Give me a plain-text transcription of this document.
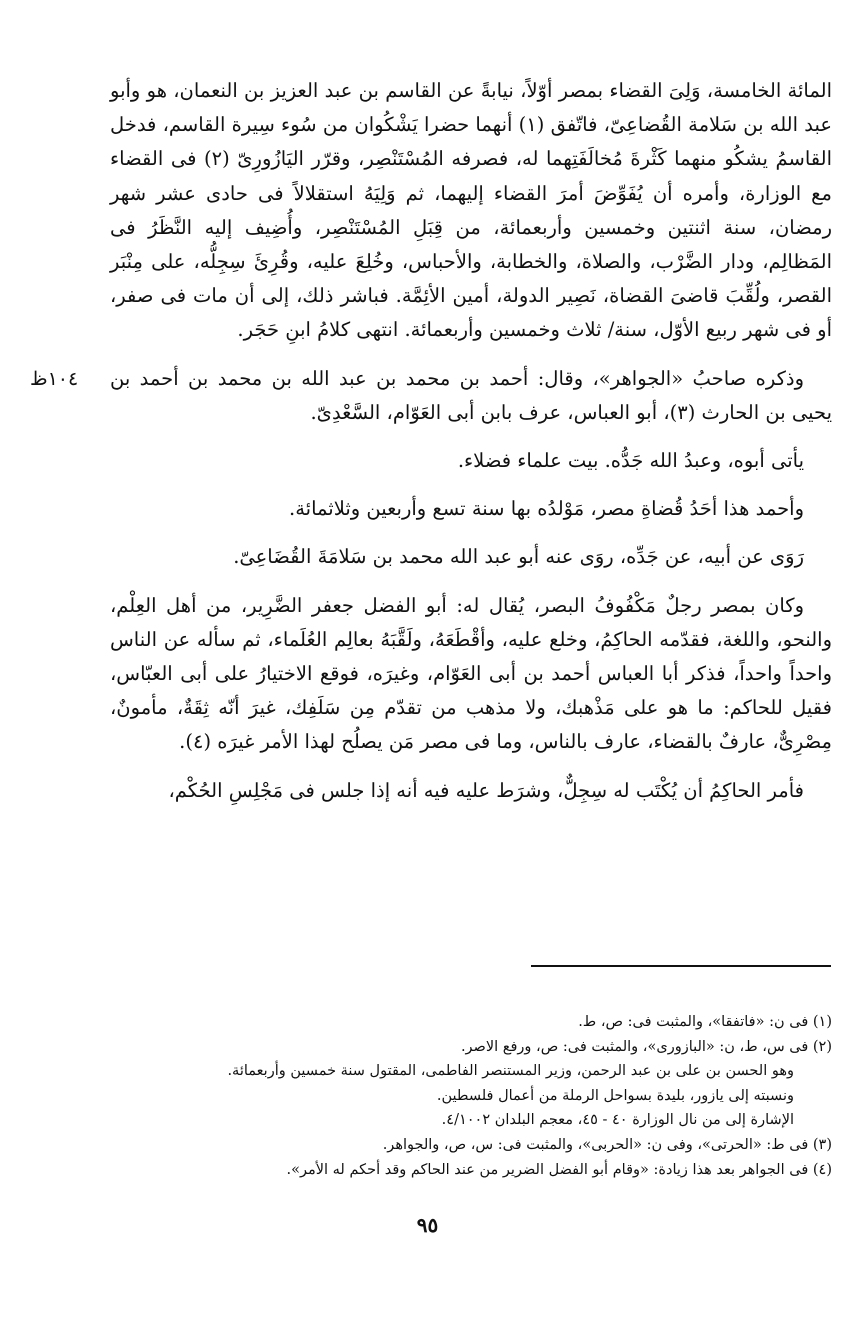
١٠٤ظ

المائة الخامسة، وَلِىَ القضاء بمصر أوّلاً، نيابةً عن القاسم بن عبد العزيز بن النعمان، هو وأبو عبد الله بن سَلامة القُضاعِىّ، فاتّفق (١) أنهما حضرا يَشْكُوان من سُوء سِيرة القاسم، فدخل القاسمُ يشكُو منهما كَثْرةَ مُخالَفَتِهما له، فصرفه المُسْتَنْصِر، وقرّر اليَازُورِىّ (٢) فى القضاء مع الوزارة، وأمره أن يُفَوِّضَ أمرَ القضاء إليهما، ثم وَلِيَهُ استقلالاً فى حادى عشر شهر رمضان، سنة اثنتين وخمسين وأربعمائة، من قِبَلِ المُسْتَنْصِر، وأُضِيف إليه النَّظَرُ فى المَظالِم، ودار الضَّرْب، والصلاة، والخطابة، والأحباس، وخُلِعَ عليه، وقُرِئَ سِجِلُّه، على مِنْبَر القصر، ولُقِّبَ قاضىَ القضاة، نَصِير الدولة، أمين الأئِمَّة. فباشر ذلك، إلى أن مات فى صفر، أو فى شهر ربيع الأوّل، سنة/ ثلاث وخمسين وأربعمائة. انتهى كلامُ ابنِ حَجَر.

وذكره صاحبُ «الجواهر»، وقال: أحمد بن محمد بن عبد الله بن محمد بن أحمد بن يحيى بن الحارث (٣)، أبو العباس، عرف بابن أبى العَوّام، السَّعْدِىّ.

يأتى أبوه، وعبدُ الله جَدُّه. بيت علماء فضلاء.

وأحمد هذا أحَدُ قُضاةِ مصر، مَوْلدُه بها سنة تسع وأربعين وثلاثمائة.

رَوَى عن أبيه، عن جَدِّه، روَى عنه أبو عبد الله محمد بن سَلامَةَ القُضَاعِىّ.

وكان بمصر رجلٌ مَكْفُوفُ البصر، يُقال له: أبو الفضل جعفر الضَّرِير، من أهل العِلْم، والنحو، واللغة، فقدّمه الحاكِمُ، وخلع عليه، وأقْطَعَهُ، ولَقَّبَهُ بعالِم العُلَماء، ثم سأله عن الناس واحداً واحداً، فذكر أبا العباس أحمد بن أبى العَوّام، وغيرَه، فوقع الاختيارُ على أبى العبّاس، فقيل للحاكم: ما هو على مَذْهبك، ولا مذهب من تقدّم مِن سَلَفِك، غيرَ أنّه ثِقَةٌ، مأمونٌ، مِصْرِىٌّ، عارفٌ بالقضاء، عارف بالناس، وما فى مصر مَن يصلُح لهذا الأمر غيرَه (٤).

فأمر الحاكِمُ أن يُكْتَب له سِجِلٌّ، وشرَط عليه فيه أنه إذا جلس فى مَجْلِسِ الحُكْم،

(١) فى ن: «فاتفقا»، والمثبت فى: ص، ط.

(٢) فى س، ط، ن: «البازورى»، والمثبت فى: ص، ورفع الاصر.

وهو الحسن بن على بن عبد الرحمن، وزير المستنصر الفاطمى، المقتول سنة خمسين وأربعمائة.

ونسبته إلى يازور، بليدة بسواحل الرملة من أعمال فلسطين.

الإشارة إلى من نال الوزارة ٤٠ - ٤٥، معجم البلدان ٤/١٠٠٢.

(٣) فى ط: «الحرتى»، وفى ن: «الحربى»، والمثبت فى: س، ص، والجواهر.

(٤) فى الجواهر بعد هذا زيادة: «وقام أبو الفضل الضرير من عند الحاكم وقد أحكم له الأمر».

٩٥
